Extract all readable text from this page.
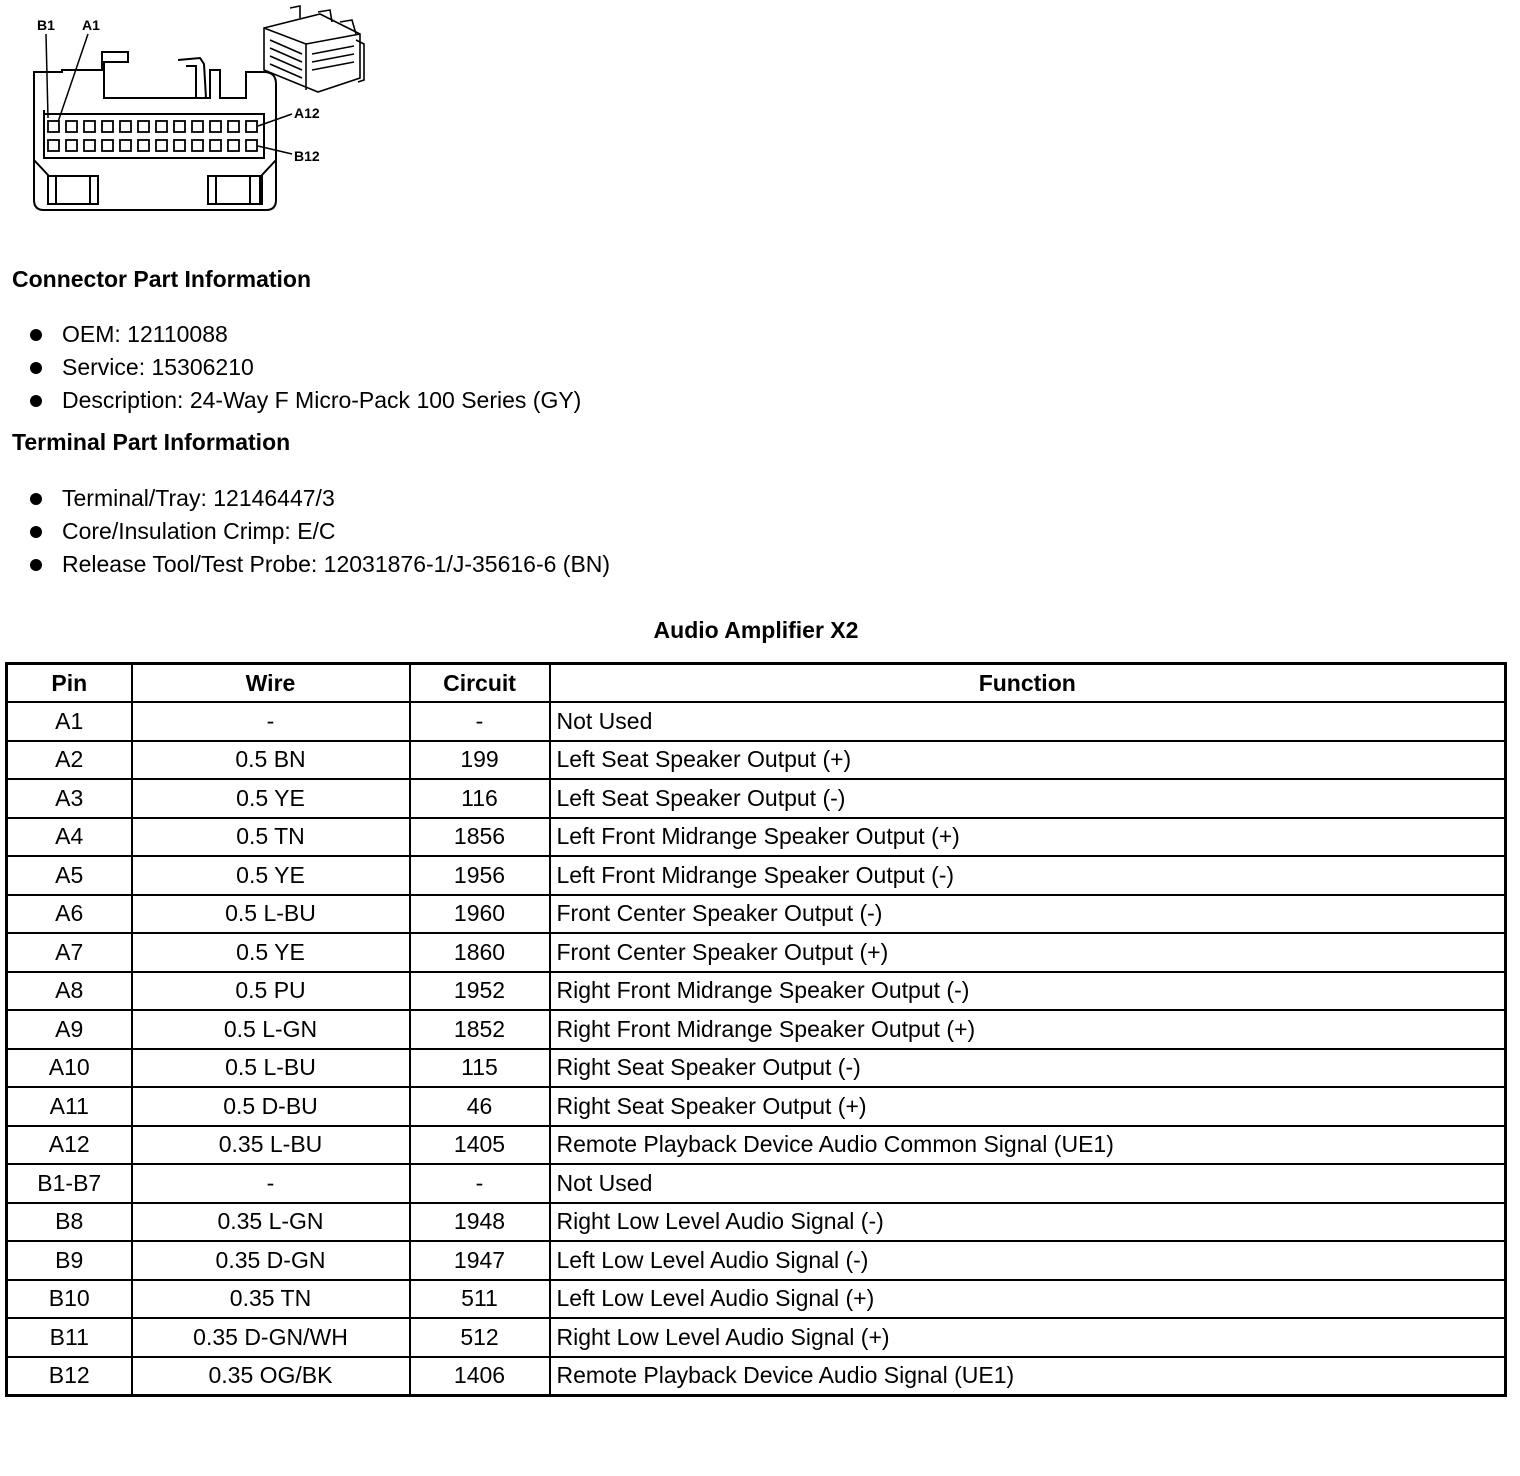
B1 A1
A12
B12
Connector Part Information
OEM: 12110088
Service: 15306210
Description: 24-Way F Micro-Pack 100 Series (GY)
Terminal Part Information
Terminal/Tray: 12146447/3
Core/Insulation Crimp: E/C
Release Tool/Test Probe: 12031876-1/J-35616-6 (BN)
Audio Amplifier X2
Pin	Wire	Circuit	Function
A1	-	-	Not Used
A2	0.5 BN	199	Left Seat Speaker Output (+)
A3	0.5 YE	116	Left Seat Speaker Output (-)
A4	0.5 TN	1856	Left Front Midrange Speaker Output (+)
A5	0.5 YE	1956	Left Front Midrange Speaker Output (-)
A6	0.5 L-BU	1960	Front Center Speaker Output (-)
A7	0.5 YE	1860	Front Center Speaker Output (+)
A8	0.5 PU	1952	Right Front Midrange Speaker Output (-)
A9	0.5 L-GN	1852	Right Front Midrange Speaker Output (+)
A10	0.5 L-BU	115	Right Seat Speaker Output (-)
A11	0.5 D-BU	46	Right Seat Speaker Output (+)
A12	0.35 L-BU	1405	Remote Playback Device Audio Common Signal (UE1)
B1-B7	-	-	Not Used
B8	0.35 L-GN	1948	Right Low Level Audio Signal (-)
B9	0.35 D-GN	1947	Left Low Level Audio Signal (-)
B10	0.35 TN	511	Left Low Level Audio Signal (+)
B11	0.35 D-GN/WH	512	Right Low Level Audio Signal (+)
B12	0.35 OG/BK	1406	Remote Playback Device Audio Signal (UE1)
